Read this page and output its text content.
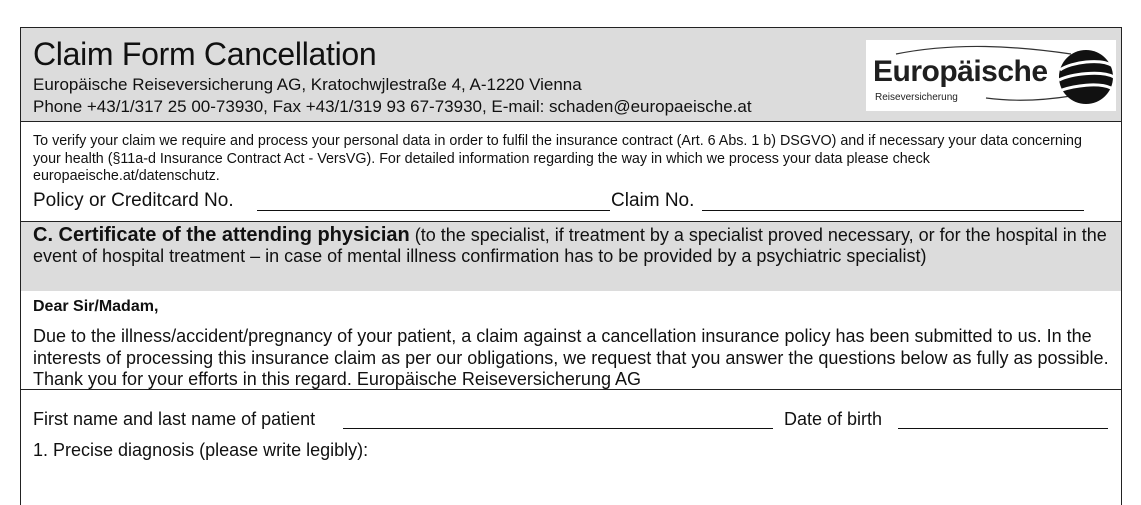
Claim Form Cancellation
Europäische Reiseversicherung AG, Kratochwjlestraße 4, A-1220 Vienna
Phone +43/1/317 25 00-73930, Fax +43/1/319 93 67-73930, E-mail: schaden@europaeische.at
Europäische
Reiseversicherung
To verify your claim we require and process your personal data in order to fulfil the insurance contract (Art. 6 Abs. 1 b) DSGVO) and if necessary your data concerning your health (§11a-d Insurance Contract Act - VersVG). For detailed information regarding the way in which we process your data please check europaeische.at/datenschutz.
Policy or Creditcard No.	Claim No.
C. Certificate of the attending physician (to the specialist, if treatment by a specialist proved necessary, or for the hospital in the event of hospital treatment – in case of mental illness confirmation has to be provided by a psychiatric specialist)
Dear Sir/Madam,
Due to the illness/accident/pregnancy of your patient, a claim against a cancellation insurance policy has been submitted to us. In the interests of processing this insurance claim as per our obligations, we request that you answer the questions below as fully as possible. Thank you for your efforts in this regard. Europäische Reiseversicherung AG
First name and last name of patient	Date of birth
1. Precise diagnosis (please write legibly):
